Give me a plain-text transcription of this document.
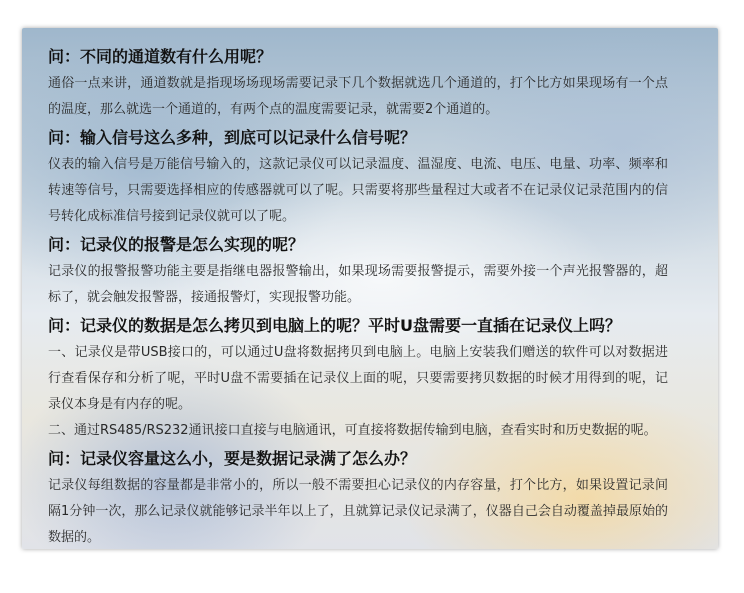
问：不同的通道数有什么用呢？

通俗一点来讲，通道数就是指现场场现场需要记录下几个数据就选几个通道的，打个比方如果现场有一个点的温度，那么就选一个通道的，有两个点的温度需要记录，就需要2个通道的。

问：输入信号这么多种，到底可以记录什么信号呢？

仪表的输入信号是万能信号输入的，这款记录仪可以记录温度、温湿度、电流、电压、电量、功率、频率和转速等信号，只需要选择相应的传感器就可以了呢。只需要将那些量程过大或者不在记录仪记录范围内的信号转化成标准信号接到记录仪就可以了呢。

问：记录仪的报警是怎么实现的呢？

记录仪的报警报警功能主要是指继电器报警输出，如果现场需要报警提示，需要外接一个声光报警器的，超标了，就会触发报警器，接通报警灯，实现报警功能。

问：记录仪的数据是怎么拷贝到电脑上的呢？平时U盘需要一直插在记录仪上吗？

一、记录仪是带USB接口的，可以通过U盘将数据拷贝到电脑上。电脑上安装我们赠送的软件可以对数据进行查看保存和分析了呢，平时U盘不需要插在记录仪上面的呢，只要需要拷贝数据的时候才用得到的呢，记录仪本身是有内存的呢。

二、通过RS485/RS232通讯接口直接与电脑通讯，可直接将数据传输到电脑，查看实时和历史数据的呢。

问：记录仪容量这么小，要是数据记录满了怎么办？

记录仪每组数据的容量都是非常小的，所以一般不需要担心记录仪的内存容量，打个比方，如果设置记录间隔1分钟一次，那么记录仪就能够记录半年以上了，且就算记录仪记录满了，仪器自己会自动覆盖掉最原始的数据的。
